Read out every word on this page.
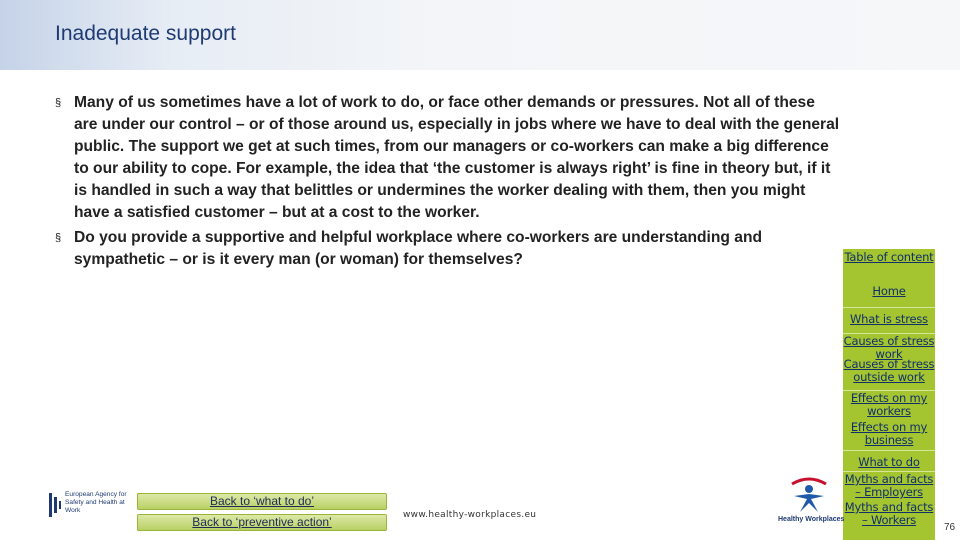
Inadequate support
§ Many of us sometimes have a lot of work to do, or face other demands or pressures. Not all of these are under our control – or of those around us, especially in jobs where we have to deal with the general public. The support we get at such times, from our managers or co-workers can make a big difference to our ability to cope. For example, the idea that ‘the customer is always right’ is fine in theory but, if it is handled in such a way that belittles or undermines the worker dealing with them, then you might have a satisfied customer – but at a cost to the worker.
§ Do you provide a supportive and helpful workplace where co-workers are understanding and sympathetic – or is it every man (or woman) for themselves?	Table of content
Home
What is stress
Causes of stress work
Causes of stress outside work
Effects on my workers
Effects on my business
What to do
Myths and facts – Employers
Myths and facts – Workers
European Agency for Safety and Health at Work
Back to ‘what to do’
Back to ‘preventive action’	www.healthy-workplaces.eu	Healthy Workplaces
76
